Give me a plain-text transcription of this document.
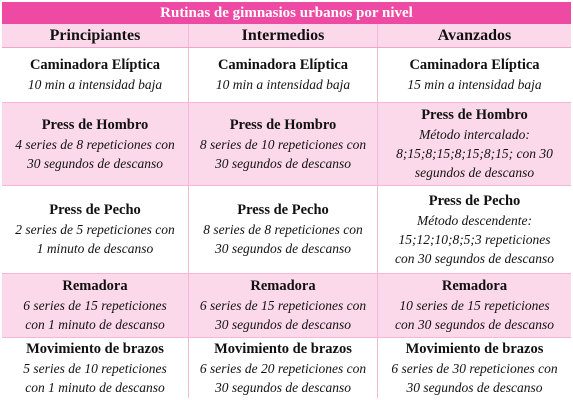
Rutinas de gimnasios urbanos por nivel
Principiantes	Intermedios	Avanzados
Caminadora Elíptica
10 min a intensidad baja
Caminadora Elíptica
10 min a intensidad baja
Caminadora Elíptica
15 min a intensidad baja
Press de Hombro
4 series de 8 repeticiones con
30 segundos de descanso
Press de Hombro
8 series de 10 repeticiones con
30 segundos de descanso
Press de Hombro
Método intercalado:
8;15;8;15;8;15;8;15; con 30
segundos de descanso
Press de Pecho
2 series de 5 repeticiones con
1 minuto de descanso
Press de Pecho
8 series de 8 repeticiones con
30 segundos de descanso
Press de Pecho
Método descendente:
15;12;10;8;5;3 repeticiones
con 30 segundos de descanso
Remadora
6 series de 15 repeticiones
con 1 minuto de descanso
Remadora
6 series de 15 repeticiones con
30 segundos de descanso
Remadora
10 series de 15 repeticiones
con 30 segundos de descanso
Movimiento de brazos
5 series de 10 repeticiones
con 1 minuto de descanso
Movimiento de brazos
6 series de 20 repeticiones con
30 segundos de descanso
Movimiento de brazos
6 series de 30 repeticiones con
30 segundos de descanso
